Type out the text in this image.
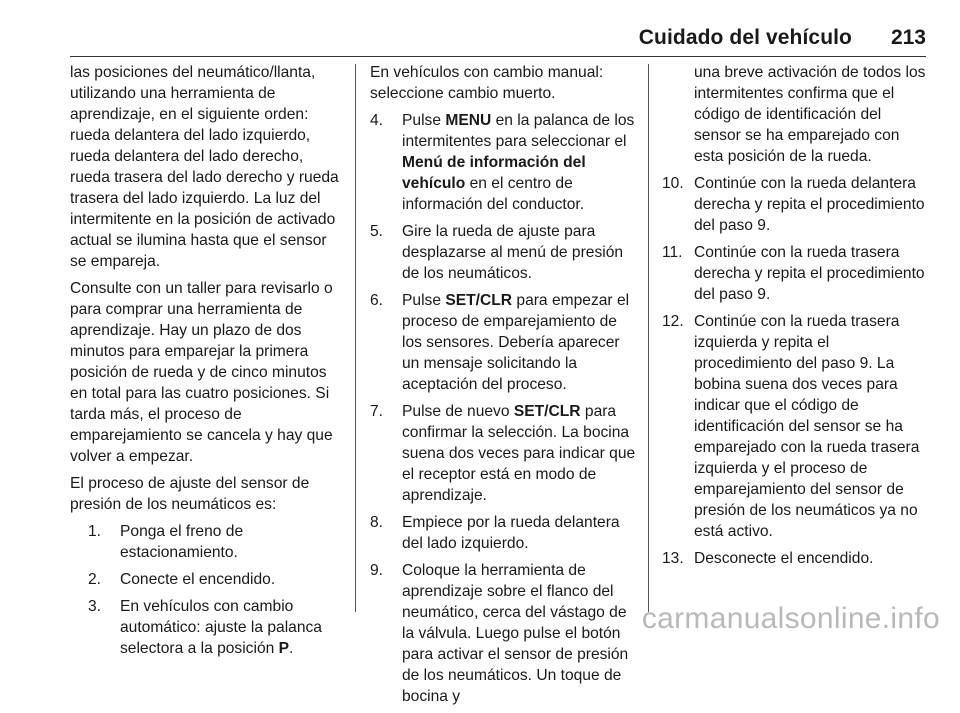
Cuidado del vehículo 213

las posiciones del neumático/llanta, utilizando una herramienta de aprendizaje, en el siguiente orden: rueda delantera del lado izquierdo, rueda delantera del lado derecho, rueda trasera del lado derecho y rueda trasera del lado izquierdo. La luz del intermitente en la posición de activado actual se ilumina hasta que el sensor se empareja.

Consulte con un taller para revisarlo o para comprar una herramienta de aprendizaje. Hay un plazo de dos minutos para emparejar la primera posición de rueda y de cinco minutos en total para las cuatro posiciones. Si tarda más, el proceso de emparejamiento se cancela y hay que volver a empezar.

El proceso de ajuste del sensor de presión de los neumáticos es:

1.	Ponga el freno de estacionamiento.
2.	Conecte el encendido.
3.	En vehículos con cambio automático: ajuste la palanca selectora a la posición P.

En vehículos con cambio manual: seleccione cambio muerto.

4.	Pulse MENU en la palanca de los intermitentes para seleccionar el Menú de información del vehículo en el centro de información del conductor.
5.	Gire la rueda de ajuste para desplazarse al menú de presión de los neumáticos.
6.	Pulse SET/CLR para empezar el proceso de emparejamiento de los sensores. Debería aparecer un mensaje solicitando la aceptación del proceso.
7.	Pulse de nuevo SET/CLR para confirmar la selección. La bocina suena dos veces para indicar que el receptor está en modo de aprendizaje.
8.	Empiece por la rueda delantera del lado izquierdo.
9.	Coloque la herramienta de aprendizaje sobre el flanco del neumático, cerca del vástago de la válvula. Luego pulse el botón para activar el sensor de presión de los neumáticos. Un toque de bocina y
una breve activación de todos los intermitentes confirma que el código de identificación del sensor se ha emparejado con esta posición de la rueda.
10. Continúe con la rueda delantera derecha y repita el procedimiento del paso 9.
11. Continúe con la rueda trasera derecha y repita el procedimiento del paso 9.
12. Continúe con la rueda trasera izquierda y repita el procedimiento del paso 9. La bobina suena dos veces para indicar que el código de identificación del sensor se ha emparejado con la rueda trasera izquierda y el proceso de emparejamiento del sensor de presión de los neumáticos ya no está activo.
13. Desconecte el encendido.
carmanualsonline.info
